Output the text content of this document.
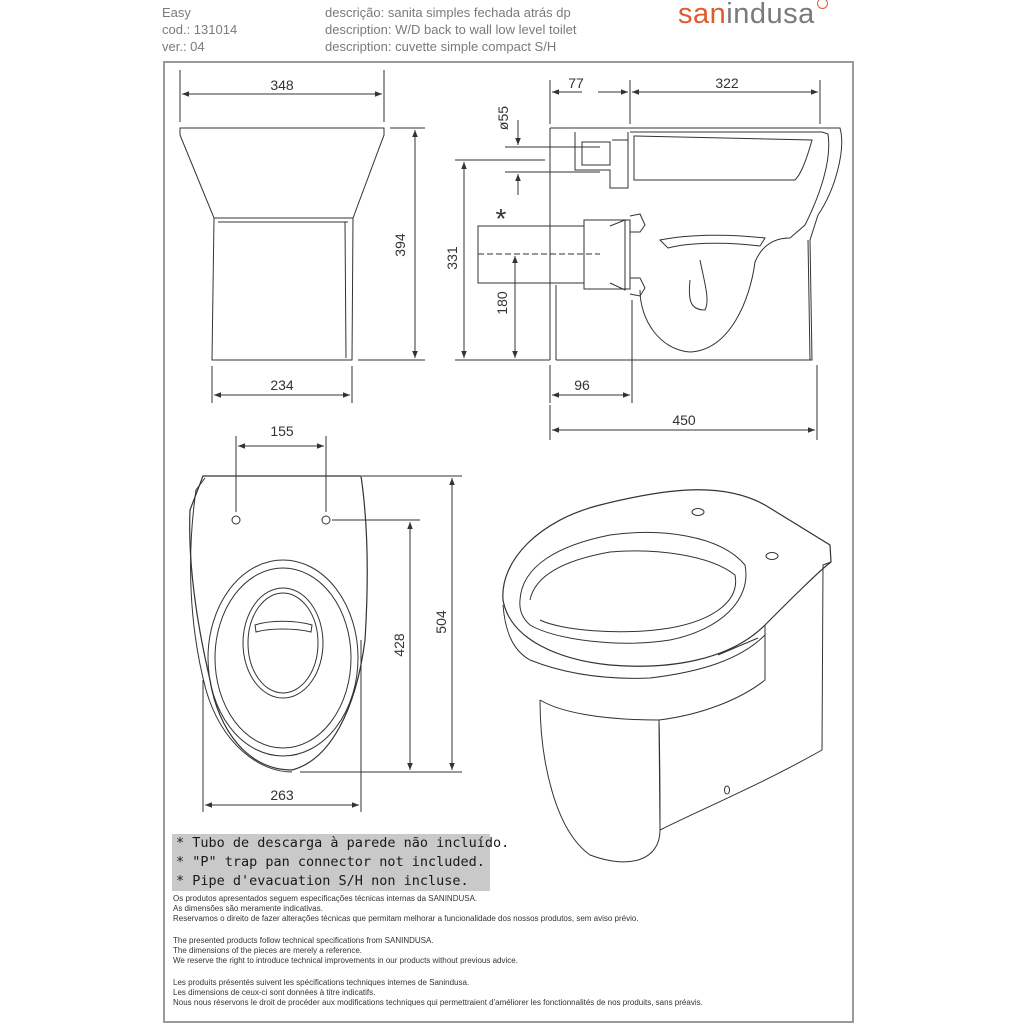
Easy
cod.: 131014
ver.: 04
descrição: sanita simples fechada atrás dp
description: W/D back to wall low level toilet
description: cuvette simple compact S/H
sanindusa
348
394
234
ø55
77	322
331
180
96
450
155
504
428
263
*
* Tubo de descarga à parede não incluído.
* "P" trap pan connector not included.
* Pipe d'evacuation S/H non incluse.
Os produtos apresentados seguem especificações técnicas internas da SANINDUSA.
As dimensões são meramente indicativas.
Reservamos o direito de fazer alterações técnicas que permitam melhorar a funcionalidade dos nossos produtos, sem aviso prévio.
The presented products follow technical specifications from SANINDUSA.
The dimensions of the pieces are merely a reference.
We reserve the right to introduce technical improvements in our products without previous advice.
Les produits présentés suivent les spécifications techniques internes de Sanindusa.
Les dimensions de ceux-ci sont données à titre indicatifs.
Nous nous réservons le droit de procéder aux modifications techniques qui permettraient d'améliorer les fonctionnalités de nos produits, sans préavis.
